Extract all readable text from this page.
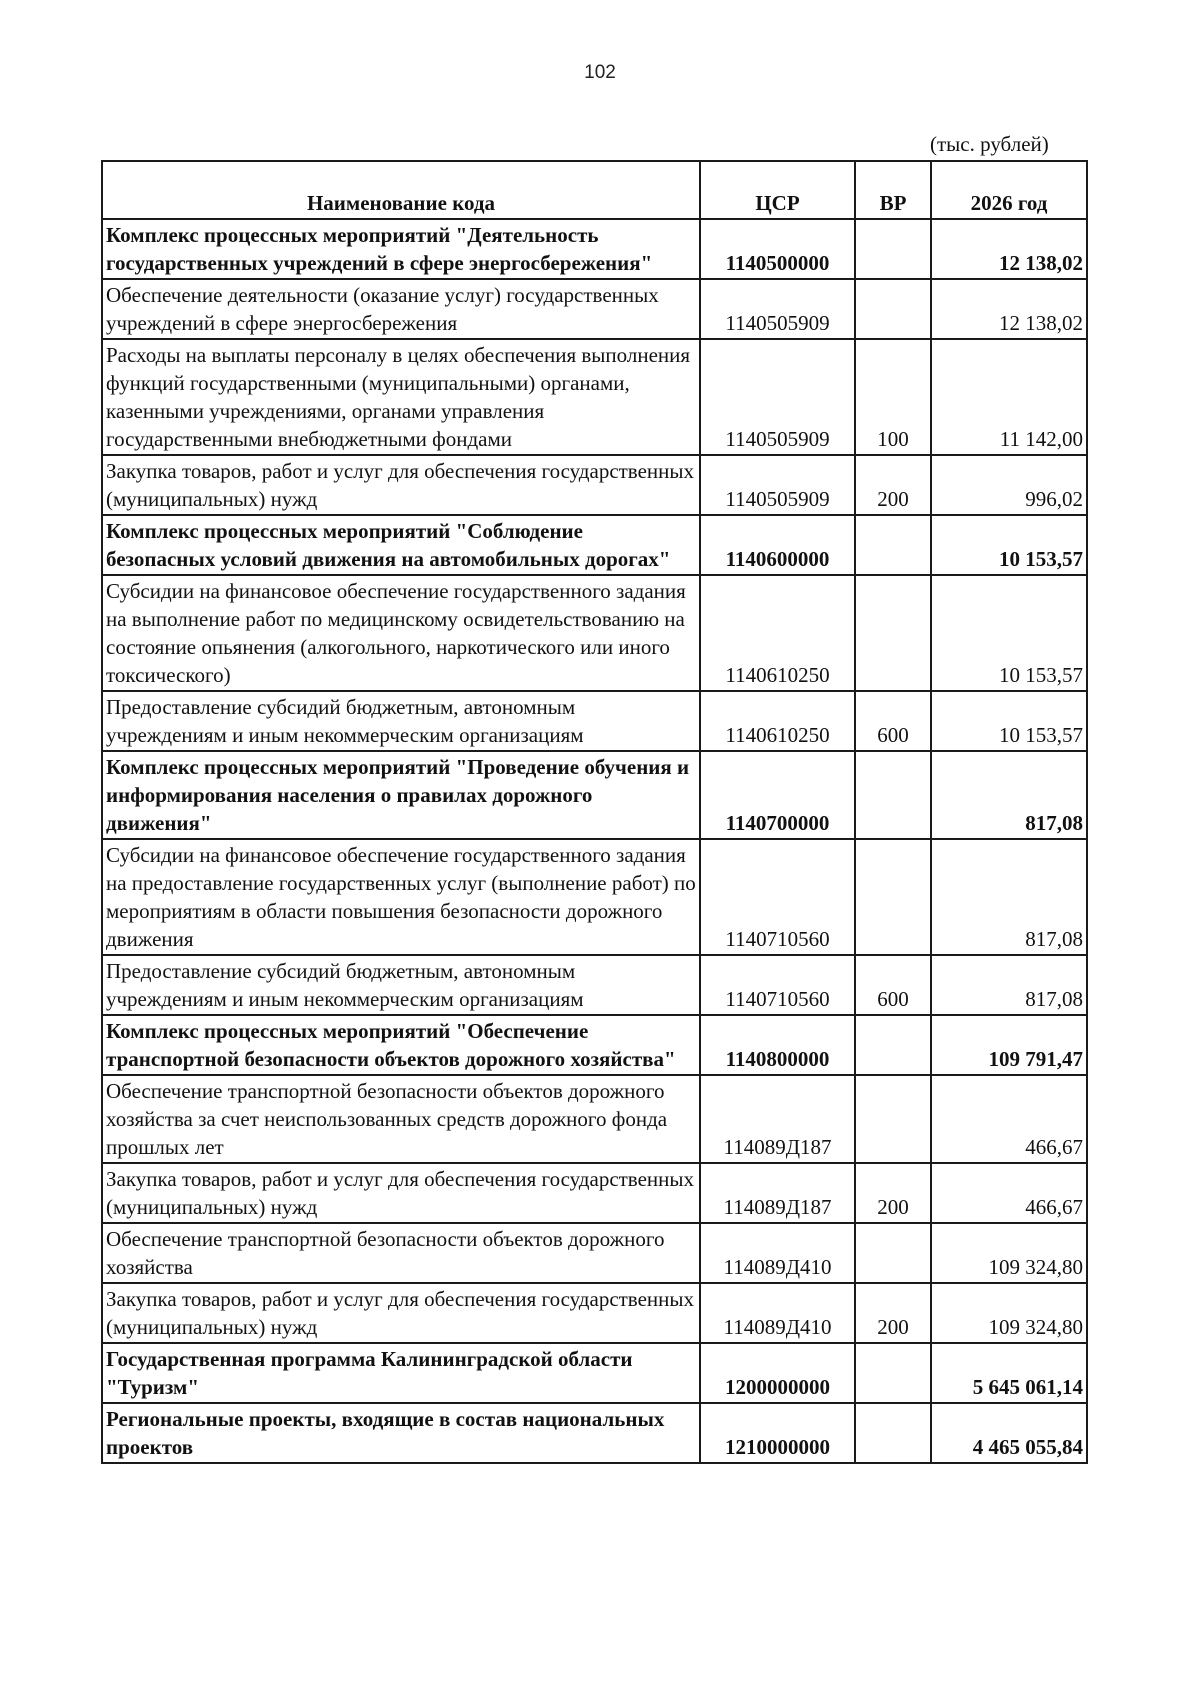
102
(тыс. рублей)
Наименование кода	ЦСР	ВР	2026 год
Комплекс процессных мероприятий "Деятельность государственных учреждений в сфере энергосбережения"	1140500000		12 138,02
Обеспечение деятельности (оказание услуг) государственных учреждений в сфере энергосбережения	1140505909		12 138,02
Расходы на выплаты персоналу в целях обеспечения выполнения функций государственными (муниципальными) органами, казенными учреждениями, органами управления государственными внебюджетными фондами	1140505909	100	11 142,00
Закупка товаров, работ и услуг для обеспечения государственных (муниципальных) нужд	1140505909	200	996,02
Комплекс процессных мероприятий "Соблюдение безопасных условий движения на автомобильных дорогах"	1140600000		10 153,57
Субсидии на финансовое обеспечение государственного задания на выполнение работ по медицинскому освидетельствованию на состояние опьянения (алкогольного, наркотического или иного токсического)	1140610250		10 153,57
Предоставление субсидий бюджетным, автономным учреждениям и иным некоммерческим организациям	1140610250	600	10 153,57
Комплекс процессных мероприятий "Проведение обучения и информирования населения о правилах дорожного движения"	1140700000		817,08
Субсидии на финансовое обеспечение государственного задания на предоставление государственных услуг (выполнение работ) по мероприятиям в области повышения безопасности дорожного движения	1140710560		817,08
Предоставление субсидий бюджетным, автономным учреждениям и иным некоммерческим организациям	1140710560	600	817,08
Комплекс процессных мероприятий "Обеспечение транспортной безопасности объектов дорожного хозяйства"	1140800000		109 791,47
Обеспечение транспортной безопасности объектов дорожного хозяйства за счет неиспользованных средств дорожного фонда прошлых лет	114089Д187		466,67
Закупка товаров, работ и услуг для обеспечения государственных (муниципальных) нужд	114089Д187	200	466,67
Обеспечение транспортной безопасности объектов дорожного хозяйства	114089Д410		109 324,80
Закупка товаров, работ и услуг для обеспечения государственных (муниципальных) нужд	114089Д410	200	109 324,80
Государственная программа Калининградской области "Туризм"	1200000000		5 645 061,14
Региональные проекты, входящие в состав национальных проектов	1210000000		4 465 055,84
